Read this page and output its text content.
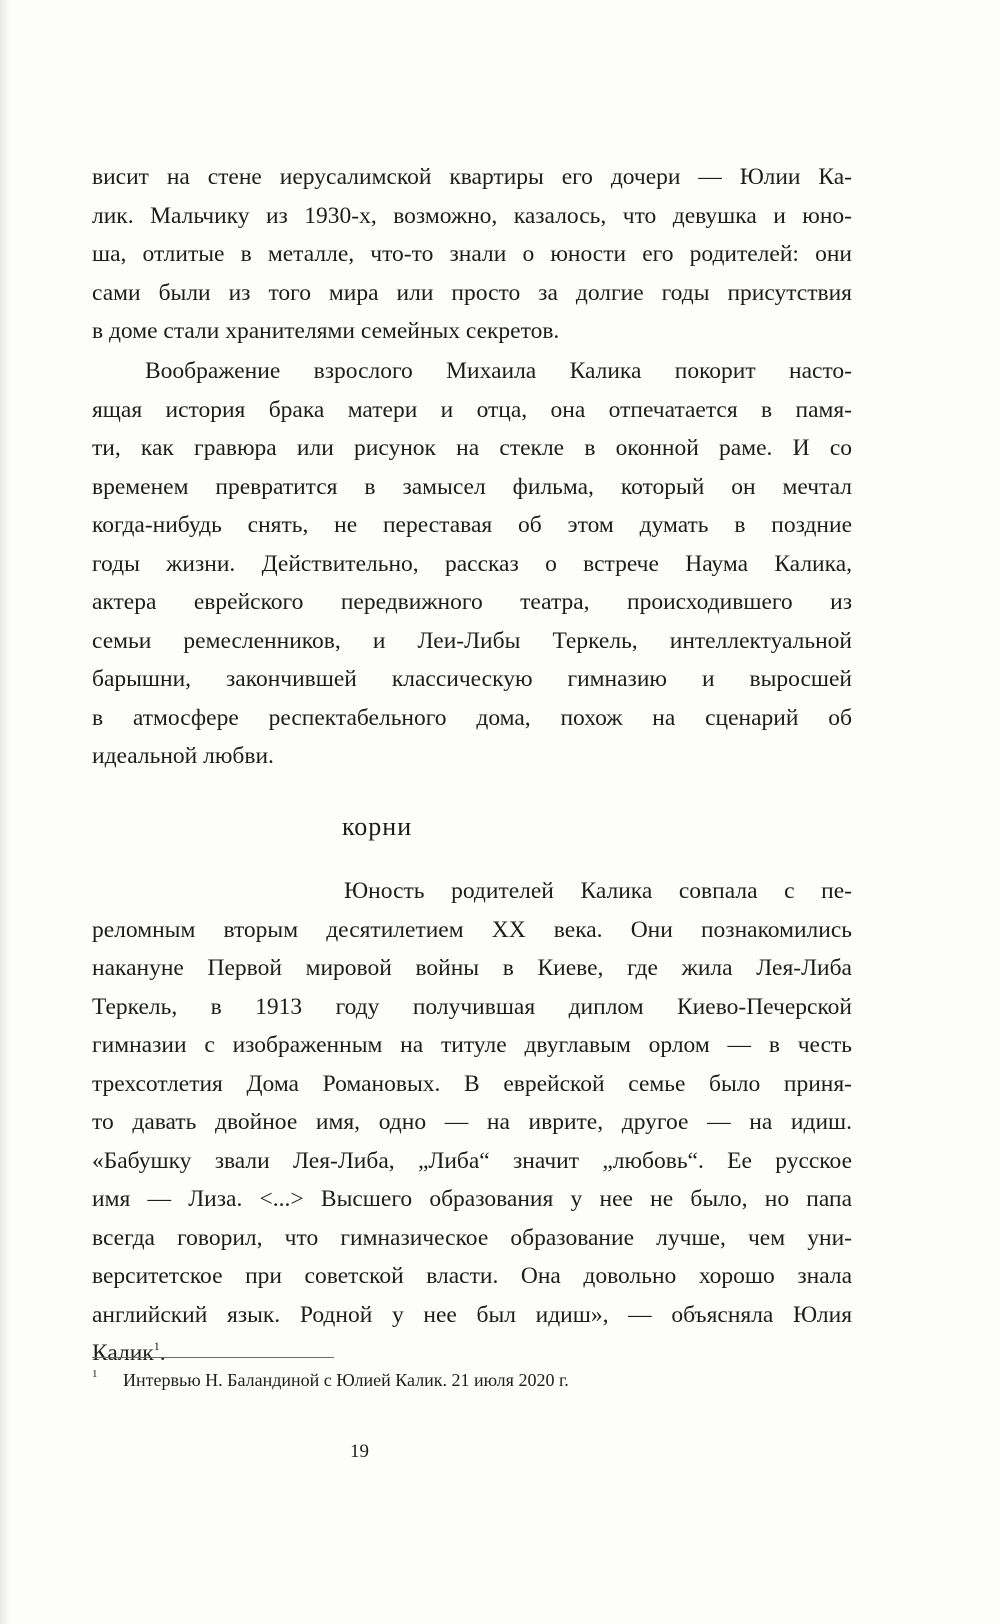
висит на стене иерусалимской квартиры его дочери — Юлии Ка-
лик. Мальчику из 1930-х, возможно, казалось, что девушка и юно-
ша, отлитые в металле, что-то знали о юности его родителей: они
сами были из того мира или просто за долгие годы присутствия
в доме стали хранителями семейных секретов.
Воображение взрослого Михаила Калика покорит насто-
ящая история брака матери и отца, она отпечатается в памя-
ти, как гравюра или рисунок на стекле в оконной раме. И со
временем превратится в замысел фильма, который он мечтал
когда-нибудь снять, не переставая об этом думать в поздние
годы жизни. Действительно, рассказ о встрече Наума Калика,
актера еврейского передвижного театра, происходившего из
семьи ремесленников, и Леи-Либы Теркель, интеллектуальной
барышни, закончившей классическую гимназию и выросшей
в атмосфере респектабельного дома, похож на сценарий об
идеальной любви.
корни
Юность родителей Калика совпала с пе-
реломным вторым десятилетием XX века. Они познакомились
накануне Первой мировой войны в Киеве, где жила Лея-Либа
Теркель, в 1913 году получившая диплом Киево-Печерской
гимназии с изображенным на титуле двуглавым орлом — в честь
трехсотлетия Дома Романовых. В еврейской семье было приня-
то давать двойное имя, одно — на иврите, другое — на идиш.
«Бабушку звали Лея-Либа, „Либа“ значит „любовь“. Ее русское
имя — Лиза. <...> Высшего образования у нее не было, но папа
всегда говорил, что гимназическое образование лучше, чем уни-
верситетское при советской власти. Она довольно хорошо знала
английский язык. Родной у нее был идиш», — объясняла Юлия
Калик$^1$.
1 Интервью Н. Баландиной с Юлией Калик. 21 июля 2020 г.
19
